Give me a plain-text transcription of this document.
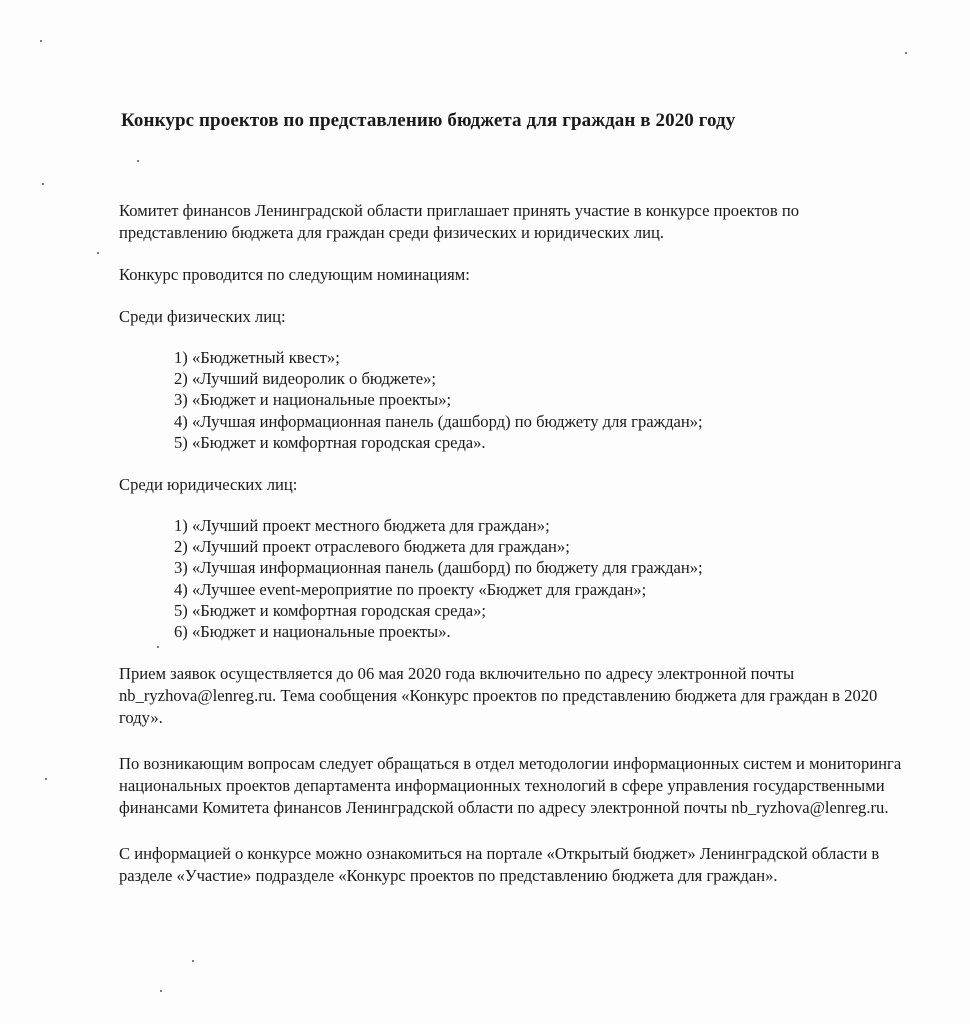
Конкурс проектов по представлению бюджета для граждан в 2020 году

Комитет финансов Ленинградской области приглашает принять участие в конкурсе проектов по представлению бюджета для граждан среди физических и юридических лиц.

Конкурс проводится по следующим номинациям:

Среди физических лиц:

1) «Бюджетный квест»;
2) «Лучший видеоролик о бюджете»;
3) «Бюджет и национальные проекты»;
4) «Лучшая информационная панель (дашборд) по бюджету для граждан»;
5) «Бюджет и комфортная городская среда».

Среди юридических лиц:

1) «Лучший проект местного бюджета для граждан»;
2) «Лучший проект отраслевого бюджета для граждан»;
3) «Лучшая информационная панель (дашборд) по бюджету для граждан»;
4) «Лучшее event-мероприятие по проекту «Бюджет для граждан»;
5) «Бюджет и комфортная городская среда»;
6) «Бюджет и национальные проекты».

Прием заявок осуществляется до 06 мая 2020 года включительно по адресу электронной почты nb_ryzhova@lenreg.ru. Тема сообщения «Конкурс проектов по представлению бюджета для граждан в 2020 году».

По возникающим вопросам следует обращаться в отдел методологии информационных систем и мониторинга национальных проектов департамента информационных технологий в сфере управления государственными финансами Комитета финансов Ленинградской области по адресу электронной почты nb_ryzhova@lenreg.ru.

С информацией о конкурсе можно ознакомиться на портале «Открытый бюджет» Ленинградской области в разделе «Участие» подразделе «Конкурс проектов по представлению бюджета для граждан».
